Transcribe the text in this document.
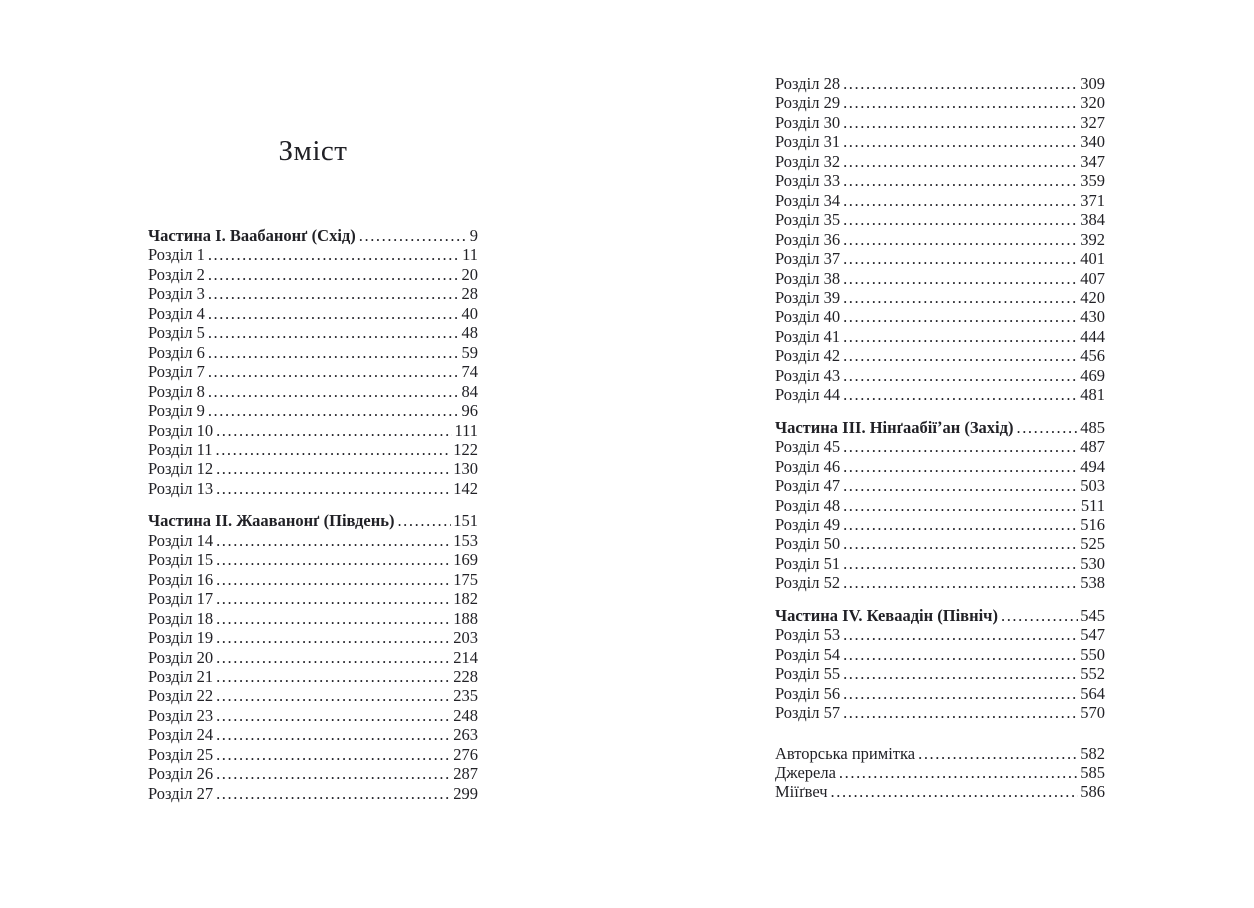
Зміст
Частина I. Ваабанонґ (Схід) .....	9
Розділ 1 .....	11
Розділ 2 .....	20
Розділ 3 .....	28
Розділ 4 .....	40
Розділ 5 .....	48
Розділ 6 .....	59
Розділ 7 .....	74
Розділ 8 .....	84
Розділ 9 .....	96
Розділ 10 .....	111
Розділ 11 .....	122
Розділ 12 .....	130
Розділ 13 .....	142
Частина II. Жааванонґ (Південь) .....	151
Розділ 14 .....	153
Розділ 15 .....	169
Розділ 16 .....	175
Розділ 17 .....	182
Розділ 18 .....	188
Розділ 19 .....	203
Розділ 20 .....	214
Розділ 21 .....	228
Розділ 22 .....	235
Розділ 23 .....	248
Розділ 24 .....	263
Розділ 25 .....	276
Розділ 26 .....	287
Розділ 27 .....	299
Розділ 28 .....	309
Розділ 29 .....	320
Розділ 30 .....	327
Розділ 31 .....	340
Розділ 32 .....	347
Розділ 33 .....	359
Розділ 34 .....	371
Розділ 35 .....	384
Розділ 36 .....	392
Розділ 37 .....	401
Розділ 38 .....	407
Розділ 39 .....	420
Розділ 40 .....	430
Розділ 41 .....	444
Розділ 42 .....	456
Розділ 43 .....	469
Розділ 44 .....	481
Частина III. Нінґаабіїʼан (Захід) .....	485
Розділ 45 .....	487
Розділ 46 .....	494
Розділ 47 .....	503
Розділ 48 .....	511
Розділ 49 .....	516
Розділ 50 .....	525
Розділ 51 .....	530
Розділ 52 .....	538
Частина IV. Кеваадін (Північ) .....	545
Розділ 53 .....	547
Розділ 54 .....	550
Розділ 55 .....	552
Розділ 56 .....	564
Розділ 57 .....	570
Авторська примітка .....	582
Джерела .....	585
Міїґвеч .....	586
